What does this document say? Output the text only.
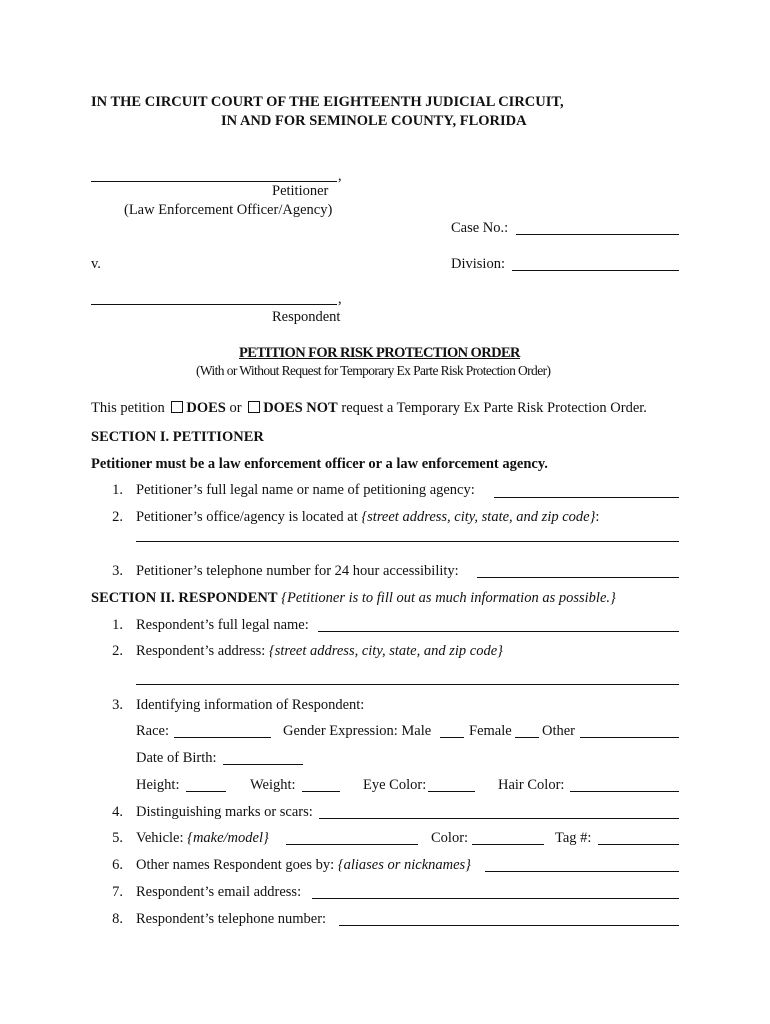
IN THE CIRCUIT COURT OF THE EIGHTEENTH JUDICIAL CIRCUIT,
IN AND FOR SEMINOLE COUNTY, FLORIDA
,
Petitioner
(Law Enforcement Officer/Agency)
Case No.:
v.	Division:
,
Respondent
PETITION FOR RISK PROTECTION ORDER
(With or Without Request for Temporary Ex Parte Risk Protection Order)
This petition DOES or DOES NOT request a Temporary Ex Parte Risk Protection Order.
SECTION I. PETITIONER
Petitioner must be a law enforcement officer or a law enforcement agency.
1. Petitioner’s full legal name or name of petitioning agency:
2. Petitioner’s office/agency is located at {street address, city, state, and zip code}:
3. Petitioner’s telephone number for 24 hour accessibility:
SECTION II. RESPONDENT {Petitioner is to fill out as much information as possible.}
1. Respondent’s full legal name:
2. Respondent’s address: {street address, city, state, and zip code}
3. Identifying information of Respondent:
Race:	Gender Expression: Male	Female Other
Date of Birth:
Height:	Weight:	Eye Color:	Hair Color:
4. Distinguishing marks or scars:
5. Vehicle: {make/model}	Color:	Tag #:
6. Other names Respondent goes by: {aliases or nicknames}
7. Respondent’s email address:
8. Respondent’s telephone number:
